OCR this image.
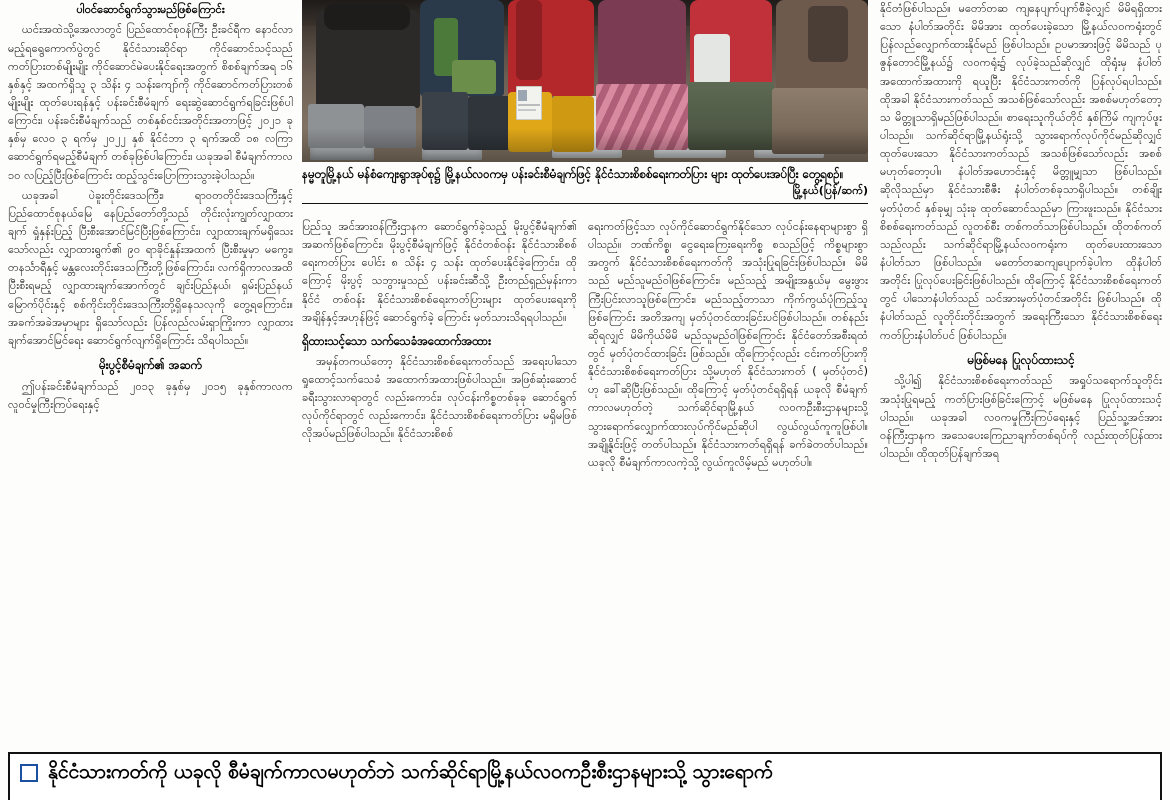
နမ္မတူမြို့နယ် မန်စံကျေးရွာအုပ်စု၌ မြို့နယ်လဝကမှ ပန်းခင်းစီမံချက်ဖြင့် နိုင်ငံသားစိစစ်ရေးကတ်ပြား များ ထုတ်ပေးအပ်ပြီး တွေ့ရစဉ်။
မြို့နယ်(ပြန်/ဆက်)
ပါဝင်ဆောင်ရွက်သွားမည်ဖြစ်ကြောင်း

ယင်းအထဲသို့အေလာတွင် ပြည်ထောင်စုဝန်ကြီး ဦးခင်ရီက နောင်လာမည့်ရရွေကောက်ပွဲတွင် နိုင်ငံသားဆိုင်ရာ ကိုင်ဆောင်သင့်သည် ကတ်ပြားတစ်မျိုးမျိုး ကိုင်ဆောင်မဲပေးနိုင်ရေးအတွက် စိစစ်ချက်အရ ၁၆ နှစ်နှင့် အထက်ရှိသူ ၃ သိန်း ၄ သန်းကျော်ကို ကိုင်ဆောင်ကတ်ပြားတစ်မျိုးမျိုး ထုတ်ပေးရန်နှင့် ပန်းခင်းစီမံချက် ရေးဆွဲဆောင်ရွက်ရခြင်းဖြစ်ပါကြောင်း၊ ပန်းခင်းစီမံချက်သည် တစ်နှစ်ငင်းအတိုင်းအတာဖြင့် ၂၀၂၁ ခုနှစ်မှ လေဝ ၃ ရက်မှ ၂၀၂၂ နှစ် နိုင်ငံဘာ ၃ ရက်အထိ ၁၈ လကြာ ဆောင်ရွက်ရမည့်စီမံချက် တစ်ခုဖြစ်ပါကြောင်း၊ ယခုအခါ စီမံချက်ကာလ ၁၀ လပြည့်ပြီးဖြစ်ကြောင်း ထည့်သွင်းပြောကြားသွားခဲ့ပါသည်။

ယခုအခါ ပဲခူးတိုင်းဒေသကြီး၊ ရာဝတတိုင်းဒေသကြီးနှင့် ပြည်ထောင်စုနယ်မြေ နေပြည်တော်တို့သည် တိုင်းလုံးကျွတ်လျှာထားချက် ရှုံနှန်းပြည့် ပြီးစီးအောင်မြင်ပြီးဖြစ်ကြောင်း၊ လျှာထားချက်မရှိသေးသော်လည်း လျှာထားရွက်၏ ၉၀ ရာခိုင်နှုန်းအထက် ပြီးစီးမှုမှာ မကွေး၊ တနင်္သာရီနှင့် မန္တလေးတိုင်းဒေသကြီးတို့ဖြစ်ကြောင်း၊ လက်ရှိကာလအထိ ပြီးစီးရမည့် လျှာထားချက်အောက်တွင် ချင်းပြည်နယ်၊ ရှမ်းပြည်နယ် မြောက်ပိုင်းနှင့် စစ်ကိုင်းတိုင်းဒေသကြီးတို့ရှိနေသလုကို တွေ့ရကြောင်း။ အခက်အခဲအမှာများ ရှိသော်လည်း ပြန်လည်လမ်းရှာကြိုးကာ လျှာထားချက်အောင်မြင်ရေး ဆောင်ရွက်လျက်ရှိကြောင်း သိရပါသည်။

မိုးပွင့်စီမံချက်၏ အဆက်

ဤပန်းခင်းစီမံချက်သည် ၂၀၁၃ ခုနှစ်မှ ၂၀၁၅ ခုနှစ်ကာလက လူဝင်မှုကြီးကြပ်ရေးနှင့်

ပြည်သူ အင်အားဝန်ကြီးဌာနက ဆောင်ရွက်ခဲ့သည့် မိုးပွင့်စီမံချက်၏ အဆက်ဖြစ်ကြောင်း၊ မိုးပွင့်စီမံချက်ဖြင့် နိုင်ငံတစ်ဝန်း နိုင်ငံသားစိစစ်ရေးကတ်ပြား ပေါင်း ၈ သိန်း ၄ သန်း ထုတ်ပေးနိုင်ခဲ့ကြောင်း၊ ထိုကြောင့် မိုးပွင့် သဘွားမှုသည် ပန်းခင်းဆီသို့ ဦးတည်ရှည်မှန်းကာ နိုင်ငံ တစ်ဝန်း နိုင်ငံသားစိစစ်ရေးကတ်ပြားများ ထုတ်ပေးရေးကို အချိန်နှင့်အဟုန်ဖြင့် ဆောင်ရွက်ခဲ့ ကြောင်း မှတ်သားသိရရပါသည်။

ရှိထားသင့်သော သက်သေခံအထောက်အထား

အမှန်တကယ်တော့ နိုင်ငံသားစိစစ်ရေးကတ်သည် အရေးပါသောရှုထောင့်သက်သေခံ အထောက်အထားဖြစ်ပါသည်။ အဖြစ်ဆုံးဆောင် ခရီးသွားလာရာတွင် လည်းကောင်း၊ လုပ်ငန်းကိစ္စတစ်ခုခု ဆောင်ရွက်လုပ်ကိုင်ရာတွင် လည်းကောင်း၊ နိုင်ငံသားစိစစ်ရေးကတ်ပြား မရှိမဖြစ် လိုအပ်မည်ဖြစ်ပါသည်။ နိုင်ငံသားစိစစ်

ရေးကတ်ဖြင့်သာ လုပ်ကိုင်ဆောင်ရွက်နိုင်သော လုပ်ငန်းနေရာများစွာ ရှိပါသည်။ ဘဏ်ကိစ္စ၊ ငွေရေးကြေးရေးကိစ္စ စသည်ဖြင့် ကိစ္စများစွာအတွက် နိုင်ငံသားစိစစ်ရေးကတ်ကို အသုံးပြုရခြင်းဖြစ်ပါသည်။ မိမိသည် မည်သူမည်ဝါဖြစ်ကြောင်း၊ မည်သည့် အမျိုးအနွယ်မှ မွေးဖွား ကြီးပြင်းလာသူဖြစ်ကြောင်း၊ မည်သည့်တာသာ ကိုက်ကွယ်ပုံကြည့်သူဖြစ်ကြောင်း အတိအကျ မှတ်ပုံတင်ထားခြင်းပင်ဖြစ်ပါသည်။ တစ်နည်းဆိုရလျှင် မိမိကိုယ်မိမိ မည်သူမည်ဝါဖြစ်ကြောင်း နိုင်ငံတော်အစီးရထံတွင် မှတ်ပုံတင်ထားခြင်း ဖြစ်သည်။ ထိုကြောင့်လည်း ငင်းကတ်ပြားကို နိုင်ငံသားစိစစ်ရေးကတ်ပြား သို့မဟုတ် နိုင်ငံသားကတ် ( မှတ်ပုံတင်) ဟု ခေါ်ဆိုပြီးဖြစ်သည်။ ထိုကြောင့် မှတ်ပုံတင်ရရှိရန် ယခုလို စီမံချက်ကာလမဟုတ်တဲ့ သက်ဆိုင်ရာမြို့နယ် လဝကဦးစီးဌာနများသို့ သွားရောက်လျှောက်ထားလုပ်ကိုင်မည်ဆိုပါ လွယ်လွယ်ကူကူဖြစ်ပါ။ အချို့နိုင်းဖြင့် တတ်ပါသည်။ နိုင်ငံသားကတ်ရရှိရန် ခက်ခဲတတ်ပါသည်။ ယခုလို စီမံချက်ကာလကဲ့သို့ လွယ်ကူလိမ့်မည် မဟုတ်ပါ။

နိုင်တံဖြစ်ပါသည်။ မတော်တဆ ကျနေပျက်ပျက်စီခဲ့လျှင် မိမိရရှိထားသော နံပါတ်အတိုင်း မိမိအား ထုတ်ပေးခဲ့သော မြို့နယ်လဝကရုံးတွင် ပြန်လည်လျှောက်ထားနိုင်မည် ဖြစ်ပါသည်။ ဥပမာအားဖြင့် မိမိသည် ပုဇွန်တောင်မြို့နယ်၌ လဝကရုံး၌ လုပ်ခဲ့သည်ဆိုလျှင် ထိုရုံးမှ နံပါတ်အထောက်အထားကို ရယူပြီး နိုင်ငံသားကတ်ကို ပြန်လုပ်ရပါသည်။ ထိုအခါ နိုင်ငံသားကတ်သည် အသစ်ဖြစ်သော်လည်း အစစ်မဟုတ်တော့သ မိတ္တူသာရှိမည်ဖြစ်ပါသည်။ စာရေးသူကိုယ်တိုင် နှစ်ကြိမ် ကျကုပ်ဖူးပါသည်။ သက်ဆိုင်ရာမြို့နယ်ရုံးသို့ သွားရောက်လုပ်ကိုင်မည်ဆိုလျှင် ထုတ်ပေးသော နိုင်ငံသားကတ်သည် အသစ်ဖြစ်သော်လည်း အစစ်မဟုတ်တော့ပါ။ နံပါတ်အဟောင်းနှင့် မိတ္တူမျှသာ ဖြစ်ပါသည်။ ဆိုလိုသည်မှာ နိုင်ငံသားစီဇီး နံပါတ်တစ်ခုသာရှိပါသည်။ တစ်ချိုးမှတ်ပုံတင် နှစ်ခုမျှ သုံးခု ထုတ်ဆောင်သည်မှာ ကြားဖူးသည်။ နိုင်ငံသားစိစစ်ရေးကတ်သည် လူတစ်စီး တစ်ကတ်သာဖြစ်ပါသည်။ ထိုတစ်ကတ်သည်လည်း သက်ဆိုင်ရာမြို့နယ်လဝကရုံးက ထုတ်ပေးထားသော နံပါတ်သာ ဖြစ်ပါသည်။ မတော်တဆကျပျောက်ခဲ့ပါက ထိုနံပါတ်အတိုင်း ပြုလုပ်ပေးခြင်းဖြစ်ပါသည်။ ထိုကြောင့် နိုင်ငံသားစိစစ်ရေးကတ်တွင် ပါသောနံပါတ်သည် သင်အားမှတ်ပုံတင်အတိုင်း ဖြစ်ပါသည်။ ထိုနံပါတ်သည် လူတိုင်းတိုင်းအတွက် အရေးကြီးသော နိုင်ငံသားစိစစ်ရေးကတ်ပြားနံပါတ်ပင် ဖြစ်ပါသည်။

မဖြစ်မနေ ပြုလုပ်ထားသင့်

သို့ပါ၍ နိုင်ငံသားစိစစ်ရေးကတ်သည် အရှုပ်သရောက်သူတိုင်း အသုံးပြုရမည့် ကတ်ပြားဖြစ်ခြင်းကြောင့် မဖြစ်မနေ ပြုလုပ်ထားသင့်ပါသည်။ ယခုအခါ လဝကမှုကြီးကြပ်ရေးနှင့် ပြည်သူ့အင်အားဝန်ကြီးဌာနက အသေပေးကြေညာချက်တစ်ရပ်ကို လည်းထုတ်ပြန်ထားပါသည်။ ထိုထုတ်ပြန်ချက်အရ

နိုင်ငံသားကတ်ကို ယခုလို စီမံချက်ကာလမဟုတ်ဘဲ သက်ဆိုင်ရာမြို့နယ်လဝကဦးစီးဌာနများသို့ သွားရောက်
